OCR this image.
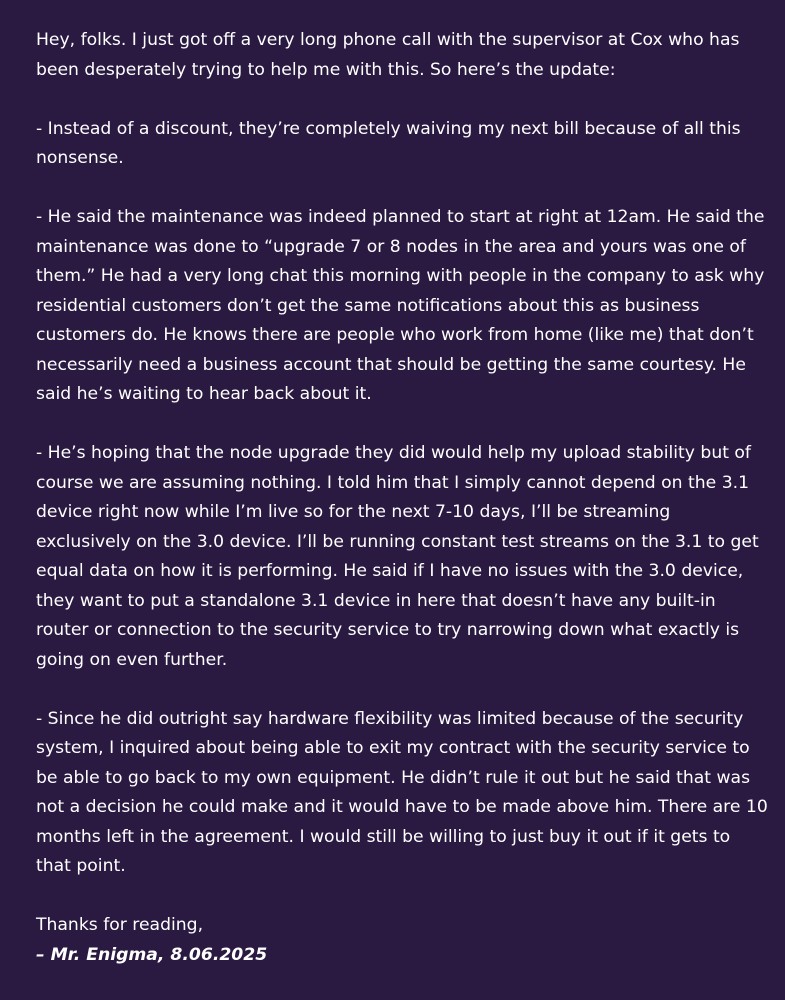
Hey, folks. I just got off a very long phone call with the supervisor at Cox who has been desperately trying to help me with this. So here’s the update:

- Instead of a discount, they’re completely waiving my next bill because of all this nonsense.

- He said the maintenance was indeed planned to start at right at 12am. He said the maintenance was done to “upgrade 7 or 8 nodes in the area and yours was one of them.” He had a very long chat this morning with people in the company to ask why residential customers don’t get the same notifications about this as business customers do. He knows there are people who work from home (like me) that don’t necessarily need a business account that should be getting the same courtesy. He said he’s waiting to hear back about it.

- He’s hoping that the node upgrade they did would help my upload stability but of course we are assuming nothing. I told him that I simply cannot depend on the 3.1 device right now while I’m live so for the next 7-10 days, I’ll be streaming exclusively on the 3.0 device. I’ll be running constant test streams on the 3.1 to get equal data on how it is performing. He said if I have no issues with the 3.0 device, they want to put a standalone 3.1 device in here that doesn’t have any built-in router or connection to the security service to try narrowing down what exactly is going on even further.

- Since he did outright say hardware flexibility was limited because of the security system, I inquired about being able to exit my contract with the security service to be able to go back to my own equipment. He didn’t rule it out but he said that was not a decision he could make and it would have to be made above him. There are 10 months left in the agreement. I would still be willing to just buy it out if it gets to that point.

Thanks for reading,

– Mr. Enigma, 8.06.2025
